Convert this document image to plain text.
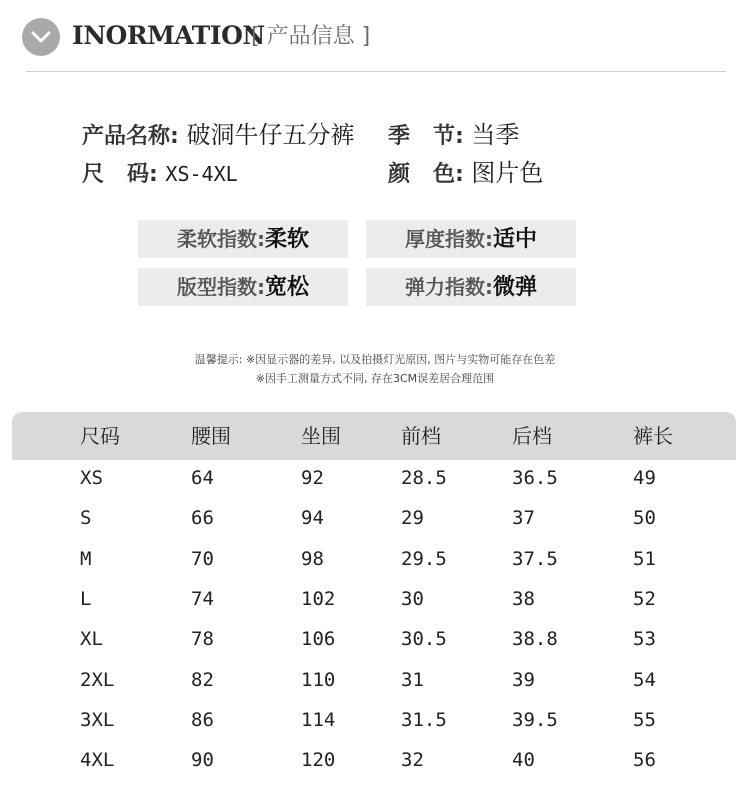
INORMATION
[ 产品信息 ]
产品名称: 破洞牛仔五分裤 季   节: 当季
尺   码: XS-4XL	颜   色: 图片色
柔软指数:柔软	厚度指数:适中
版型指数:宽松	弹力指数:微弹
温馨提示: ※因显示器的差异, 以及拍摄灯光原因, 图片与实物可能存在色差
※因手工测量方式不同, 存在3CM误差居合理范围
尺码	腰围	坐围	前档	后档	裤长
XS	64	92	28.5	36.5	49
S	66	94	29	37	50
M	70	98	29.5	37.5	51
L	74	102	30	38	52
XL	78	106	30.5	38.8	53
2XL	82	110	31	39	54
3XL	86	114	31.5	39.5	55
4XL	90	120	32	40	56
